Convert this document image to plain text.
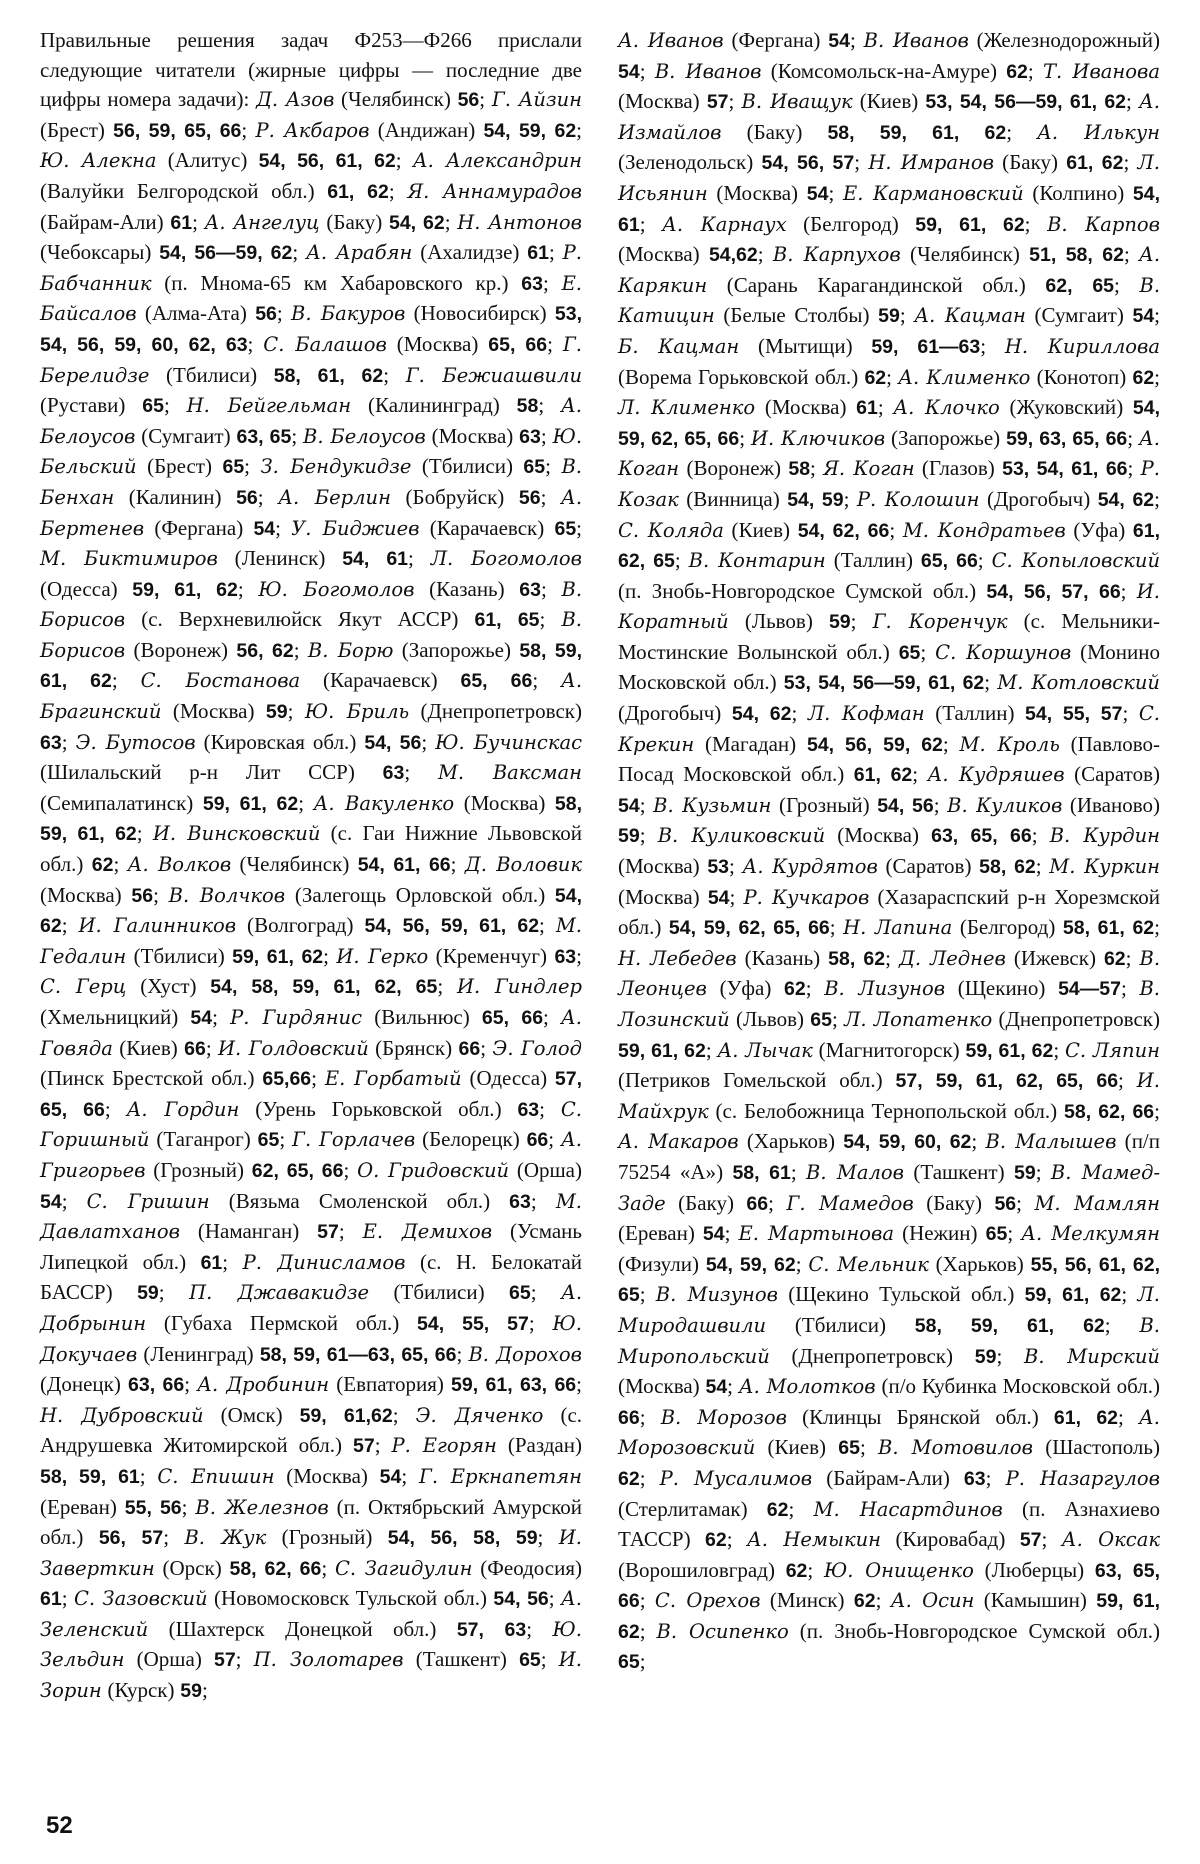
Правильные решения задач Ф253—Ф266 прислали следующие читатели (жирные цифры — последние две цифры номера задачи): Д. Азов (Челябинск) 56; Г. Айзин (Брест) 56, 59, 65, 66; Р. Акбаров (Андижан) 54, 59, 62; Ю. Алекна (Алитус) 54, 56, 61, 62; А. Александрин (Валуйки Белгородской обл.) 61, 62; Я. Аннамурадов (Байрам-Али) 61; А. Ангелуц (Баку) 54, 62; Н. Антонов (Чебоксары) 54, 56—59, 62; А. Арабян (Ахалидзе) 61; Р. Бабчанник (п. Мнома-65 км Хабаровского кр.) 63; Е. Байсалов (Алма-Ата) 56; В. Бакуров (Новосибирск) 53, 54, 56, 59, 60, 62, 63; С. Балашов (Москва) 65, 66; Г. Берелидзе (Тбилиси) 58, 61, 62; Г. Бежиашвили (Рустави) 65; Н. Бейгельман (Калининград) 58; А. Белоусов (Сумгаит) 63, 65; В. Белоусов (Москва) 63; Ю. Бельский (Брест) 65; З. Бендукидзе (Тбилиси) 65; В. Бенхан (Калинин) 56; А. Берлин (Бобруйск) 56; А. Бертенев (Фергана) 54; У. Биджиев (Карачаевск) 65; М. Биктимиров (Ленинск) 54, 61; Л. Богомолов (Одесса) 59, 61, 62; Ю. Богомолов (Казань) 63; В. Борисов (с. Верхневилюйск Якут АССР) 61, 65; В. Борисов (Воронеж) 56, 62; В. Борю (Запорожье) 58, 59, 61, 62; С. Бостанова (Карачаевск) 65, 66; А. Брагинский (Москва) 59; Ю. Бриль (Днепропетровск) 63; Э. Бутосов (Кировская обл.) 54, 56; Ю. Бучинскас (Шилальский р-н Лит ССР) 63; М. Ваксман (Семипалатинск) 59, 61, 62; А. Вакуленко (Москва) 58, 59, 61, 62; И. Винсковский (с. Гаи Нижние Львовской обл.) 62; А. Волков (Челябинск) 54, 61, 66; Д. Воловик (Москва) 56; В. Волчков (Залегощь Орловской обл.) 54, 62; И. Галинников (Волгоград) 54, 56, 59, 61, 62; М. Гедалин (Тбилиси) 59, 61, 62; И. Герко (Кременчуг) 63; С. Герц (Хуст) 54, 58, 59, 61, 62, 65; И. Гиндлер (Хмельницкий) 54; Р. Гирдянис (Вильнюс) 65, 66; А. Говяда (Киев) 66; И. Голдовский (Брянск) 66; Э. Голод (Пинск Брестской обл.) 65,66; Е. Горбатый (Одесса) 57, 65, 66; А. Гордин (Урень Горьковской обл.) 63; С. Горишный (Таганрог) 65; Г. Горлачев (Белорецк) 66; А. Григорьев (Грозный) 62, 65, 66; О. Гридовский (Орша) 54; С. Гришин (Вязьма Смоленской обл.) 63; М. Давлатханов (Наманган) 57; Е. Демихов (Усмань Липецкой обл.) 61; Р. Динисламов (с. Н. Белокатай БАССР) 59; П. Джавакидзе (Тбилиси) 65; А. Добрынин (Губаха Пермской обл.) 54, 55, 57; Ю. Докучаев (Ленинград) 58, 59, 61—63, 65, 66; В. Дорохов (Донецк) 63, 66; А. Дробинин (Евпатория) 59, 61, 63, 66; Н. Дубровский (Омск) 59, 61,62; Э. Дяченко (с. Андрушевка Житомирской обл.) 57; Р. Егорян (Раздан) 58, 59, 61; С. Епишин (Москва) 54; Г. Еркнапетян (Ереван) 55, 56; В. Железнов (п. Октябрьский Амурской обл.) 56, 57; В. Жук (Грозный) 54, 56, 58, 59; И. Заверткин (Орск) 58, 62, 66; С. Загидулин (Феодосия) 61; С. Зазовский (Новомосковск Тульской обл.) 54, 56; А. Зеленский (Шахтерск Донецкой обл.) 57, 63; Ю. Зельдин (Орша) 57; П. Золотарев (Ташкент) 65; И. Зорин (Курск) 59;

А. Иванов (Фергана) 54; В. Иванов (Железнодорожный) 54; В. Иванов (Комсомольск-на-Амуре) 62; Т. Иванова (Москва) 57; В. Иващук (Киев) 53, 54, 56—59, 61, 62; А. Измайлов (Баку) 58, 59, 61, 62; А. Илькун (Зеленодольск) 54, 56, 57; Н. Имранов (Баку) 61, 62; Л. Исьянин (Москва) 54; Е. Кармановский (Колпино) 54, 61; А. Карнаух (Белгород) 59, 61, 62; В. Карпов (Москва) 54,62; В. Карпухов (Челябинск) 51, 58, 62; А. Карякин (Сарань Карагандинской обл.) 62, 65; В. Катицин (Белые Столбы) 59; А. Кацман (Сумгаит) 54; Б. Кацман (Мытищи) 59, 61—63; Н. Кириллова (Ворема Горьковской обл.) 62; А. Клименко (Конотоп) 62; Л. Клименко (Москва) 61; А. Клочко (Жуковский) 54, 59, 62, 65, 66; И. Ключиков (Запорожье) 59, 63, 65, 66; А. Коган (Воронеж) 58; Я. Коган (Глазов) 53, 54, 61, 66; Р. Козак (Винница) 54, 59; Р. Колошин (Дрогобыч) 54, 62; С. Коляда (Киев) 54, 62, 66; М. Кондратьев (Уфа) 61, 62, 65; В. Контарин (Таллин) 65, 66; С. Копыловский (п. Знобь-Новгородское Сумской обл.) 54, 56, 57, 66; И. Коратный (Львов) 59; Г. Коренчук (с. Мельники-Мостинские Волынской обл.) 65; С. Коршунов (Монино Московской обл.) 53, 54, 56—59, 61, 62; М. Котловский (Дрогобыч) 54, 62; Л. Кофман (Таллин) 54, 55, 57; С. Крекин (Магадан) 54, 56, 59, 62; М. Кроль (Павлово-Посад Московской обл.) 61, 62; А. Кудряшев (Саратов) 54; В. Кузьмин (Грозный) 54, 56; В. Куликов (Иваново) 59; В. Куликовский (Москва) 63, 65, 66; В. Курдин (Москва) 53; А. Курдятов (Саратов) 58, 62; М. Куркин (Москва) 54; Р. Кучкаров (Хазараспский р-н Хорезмской обл.) 54, 59, 62, 65, 66; Н. Лапина (Белгород) 58, 61, 62; Н. Лебедев (Казань) 58, 62; Д. Леднев (Ижевск) 62; В. Леонцев (Уфа) 62; В. Лизунов (Щекино) 54—57; В. Лозинский (Львов) 65; Л. Лопатенко (Днепропетровск) 59, 61, 62; А. Лычак (Магнитогорск) 59, 61, 62; С. Ляпин (Петриков Гомельской обл.) 57, 59, 61, 62, 65, 66; И. Майхрук (с. Белобожница Тернопольской обл.) 58, 62, 66; А. Макаров (Харьков) 54, 59, 60, 62; В. Малышев (п/п 75254 «А») 58, 61; В. Малов (Ташкент) 59; В. Мамед-Заде (Баку) 66; Г. Мамедов (Баку) 56; М. Мамлян (Ереван) 54; Е. Мартынова (Нежин) 65; А. Мелкумян (Физули) 54, 59, 62; С. Мельник (Харьков) 55, 56, 61, 62, 65; В. Мизунов (Щекино Тульской обл.) 59, 61, 62; Л. Миродашвили (Тбилиси) 58, 59, 61, 62; В. Миропольский (Днепропетровск) 59; В. Мирский (Москва) 54; А. Молотков (п/о Кубинка Московской обл.) 66; В. Морозов (Клинцы Брянской обл.) 61, 62; А. Морозовский (Киев) 65; В. Мотовилов (Шастополь) 62; Р. Мусалимов (Байрам-Али) 63; Р. Назаргулов (Стерлитамак) 62; М. Насартдинов (п. Азнахиево ТАССР) 62; А. Немыкин (Кировабад) 57; А. Оксак (Ворошиловград) 62; Ю. Онищенко (Люберцы) 63, 65, 66; С. Орехов (Минск) 62; А. Осин (Камышин) 59, 61, 62; В. Осипенко (п. Знобь-Новгородское Сумской обл.) 65;

52
